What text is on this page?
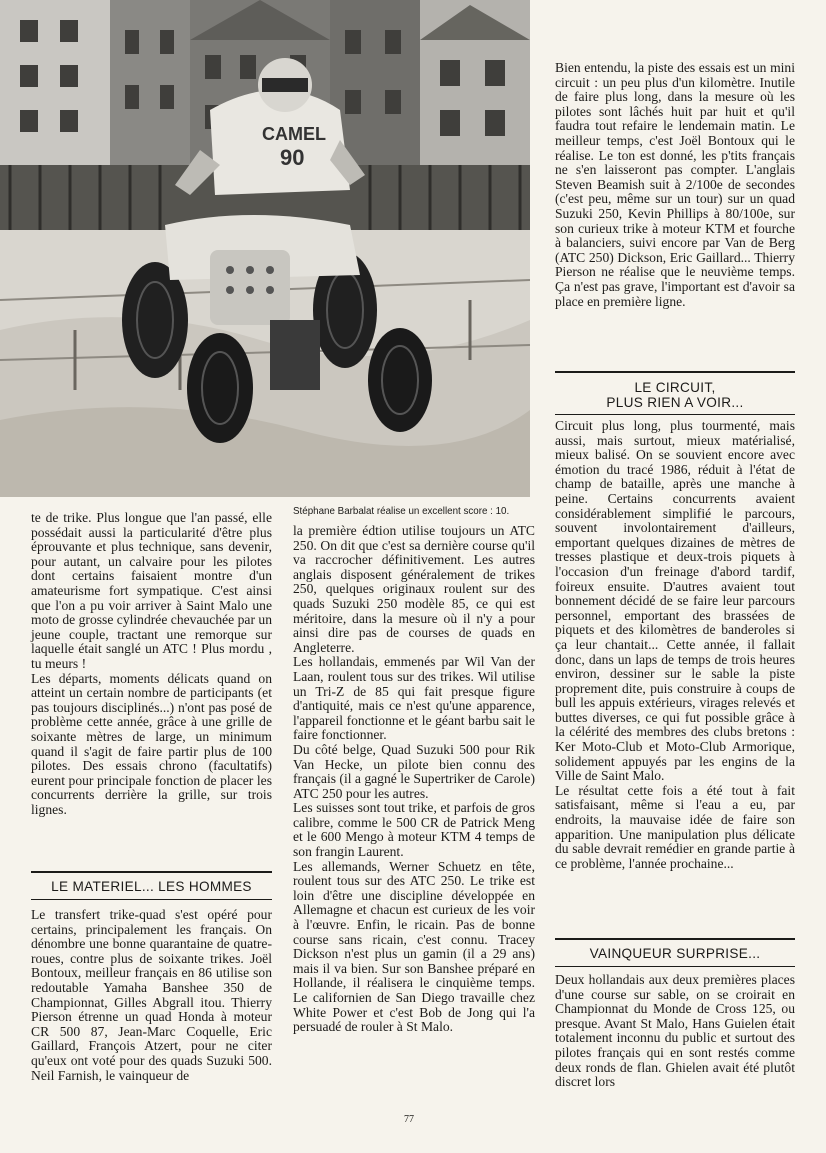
CAMEL
90
Stéphane Barbalat réalise un excellent score : 10.

te de trike. Plus longue que l'an passé, elle possédait aussi la particularité d'être plus éprouvante et plus technique, sans devenir, pour autant, un calvaire pour les pilotes dont certains faisaient montre d'un amateurisme fort sympatique. C'est ainsi que l'on a pu voir arriver à Saint Malo une moto de grosse cylindrée chevauchée par un jeune couple, tractant une remorque sur laquelle était sanglé un ATC ! Plus mordu , tu meurs !

Les départs, moments délicats quand on atteint un certain nombre de participants (et pas toujours disciplinés...) n'ont pas posé de problème cette année, grâce à une grille de soixante mètres de large, un minimum quand il s'agit de faire partir plus de 100 pilotes. Des essais chrono (facultatifs) eurent pour principale fonction de placer les concurrents derrière la grille, sur trois lignes.

LE MATERIEL... LES HOMMES

Le transfert trike-quad s'est opéré pour certains, principalement les français. On dénombre une bonne quarantaine de quatre-roues, contre plus de soixante trikes. Joël Bontoux, meilleur français en 86 utilise son redoutable Yamaha Banshee 350 de Championnat, Gilles Abgrall itou. Thierry Pierson étrenne un quad Honda à moteur CR 500 87, Jean-Marc Coquelle, Eric Gaillard, François Atzert, pour ne citer qu'eux ont voté pour des quads Suzuki 500. Neil Farnish, le vainqueur de

la première édtion utilise toujours un ATC 250. On dit que c'est sa dernière course qu'il va raccrocher définitivement. Les autres anglais disposent généralement de trikes 250, quelques originaux roulent sur des quads Suzuki 250 modèle 85, ce qui est méritoire, dans la mesure où il n'y a pour ainsi dire pas de courses de quads en Angleterre.

Les hollandais, emmenés par Wil Van der Laan, roulent tous sur des trikes. Wil utilise un Tri-Z de 85 qui fait presque figure d'antiquité, mais ce n'est qu'une apparence, l'appareil fonctionne et le géant barbu sait le faire fonctionner.

Du côté belge, Quad Suzuki 500 pour Rik Van Hecke, un pilote bien connu des français (il a gagné le Supertriker de Carole) ATC 250 pour les autres.

Les suisses sont tout trike, et parfois de gros calibre, comme le 500 CR de Patrick Meng et le 600 Mengo à moteur KTM 4 temps de son frangin Laurent.

Les allemands, Werner Schuetz en tête, roulent tous sur des ATC 250. Le trike est loin d'être une discipline développée en Allemagne et chacun est curieux de les voir à l'œuvre. Enfin, le ricain. Pas de bonne course sans ricain, c'est connu. Tracey Dickson n'est plus un gamin (il a 29 ans) mais il va bien. Sur son Banshee préparé en Hollande, il réalisera le cinquième temps. Le californien de San Diego travaille chez White Power et c'est Bob de Jong qui l'a persuadé de rouler à St Malo.

Bien entendu, la piste des essais est un mini circuit : un peu plus d'un kilomètre. Inutile de faire plus long, dans la mesure où les pilotes sont lâchés huit par huit et qu'il faudra tout refaire le lendemain matin. Le meilleur temps, c'est Joël Bontoux qui le réalise. Le ton est donné, les p'tits français ne s'en laisseront pas compter. L'anglais Steven Beamish suit à 2/100e de secondes (c'est peu, même sur un tour) sur un quad Suzuki 250, Kevin Phillips à 80/100e, sur son curieux trike à moteur KTM et fourche à balanciers, suivi encore par Van de Berg (ATC 250) Dickson, Eric Gaillard... Thierry Pierson ne réalise que le neuvième temps. Ça n'est pas grave, l'important est d'avoir sa place en première ligne.

LE CIRCUIT,
PLUS RIEN A VOIR...

Circuit plus long, plus tourmenté, mais aussi, mais surtout, mieux matérialisé, mieux balisé. On se souvient encore avec émotion du tracé 1986, réduit à l'état de champ de bataille, après une manche à peine. Certains concurrents avaient considérablement simplifié le parcours, souvent involontairement d'ailleurs, emportant quelques dizaines de mètres de tresses plastique et deux-trois piquets à l'occasion d'un freinage d'abord tardif, foireux ensuite. D'autres avaient tout bonnement décidé de se faire leur parcours personnel, emportant des brassées de piquets et des kilomètres de banderoles si ça leur chantait... Cette année, il fallait donc, dans un laps de temps de trois heures environ, dessiner sur le sable la piste proprement dite, puis construire à coups de bull les appuis extérieurs, virages relevés et buttes diverses, ce qui fut possible grâce à la célérité des membres des clubs bretons : Ker Moto-Club et Moto-Club Armorique, solidement appuyés par les engins de la Ville de Saint Malo.

Le résultat cette fois a été tout à fait satisfaisant, même si l'eau a eu, par endroits, la mauvaise idée de faire son apparition. Une manipulation plus délicate du sable devrait remédier en grande partie à ce problème, l'année prochaine...

VAINQUEUR SURPRISE...

Deux hollandais aux deux premières places d'une course sur sable, on se croirait en Championnat du Monde de Cross 125, ou presque. Avant St Malo, Hans Guielen était totalement inconnu du public et surtout des pilotes français qui en sont restés comme deux ronds de flan. Ghielen avait été plutôt discret lors

77
